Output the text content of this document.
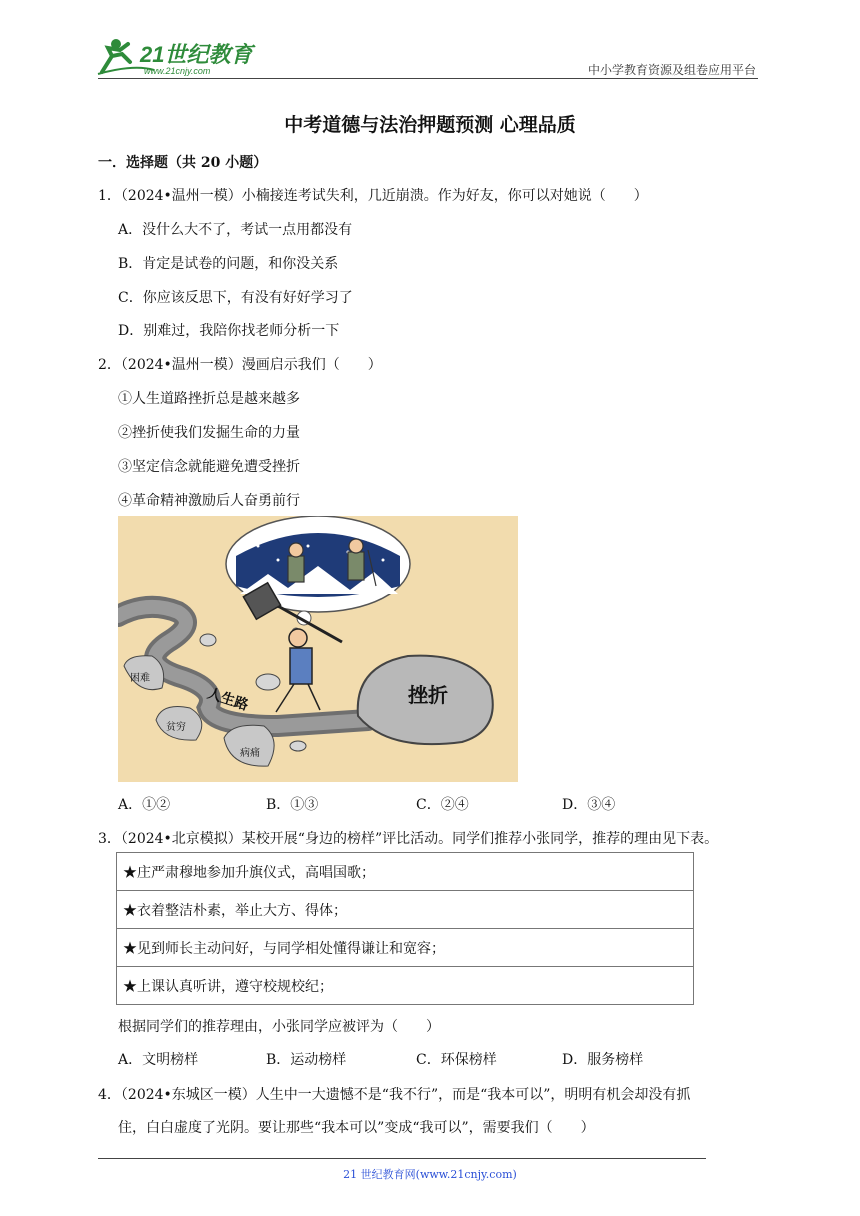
21世纪教育
www.21cnjy.com	中小学教育资源及组卷应用平台
中考道德与法治押题预测 心理品质
一．选择题（共 20 小题）
1．（2024•温州一模）小楠接连考试失利，几近崩溃。作为好友，你可以对她说（　　）
A．没什么大不了，考试一点用都没有
B．肯定是试卷的问题，和你没关系
C．你应该反思下，有没有好好学习了
D．别难过，我陪你找老师分析一下
2．（2024•温州一模）漫画启示我们（　　）
①人生道路挫折总是越来越多
②挫折使我们发掘生命的力量
③坚定信念就能避免遭受挫折
④革命精神激励后人奋勇前行
人生路	挫折
困难
贫穷
病痛
A．①②	B．①③	C．②④	D．③④
3．（2024•北京模拟）某校开展“身边的榜样”评比活动。同学们推荐小张同学，推荐的理由见下表。
★庄严肃穆地参加升旗仪式，高唱国歌；
★衣着整洁朴素，举止大方、得体；
★见到师长主动问好，与同学相处懂得谦让和宽容；
★上课认真听讲，遵守校规校纪；
根据同学们的推荐理由，小张同学应被评为（　　）
A．文明榜样	B．运动榜样	C．环保榜样	D．服务榜样
4．（2024•东城区一模）人生中一大遗憾不是“我不行”，而是“我本可以”，明明有机会却没有抓
住，白白虚度了光阴。要让那些“我本可以”变成“我可以”，需要我们（　　）
21 世纪教育网(www.21cnjy.com)
